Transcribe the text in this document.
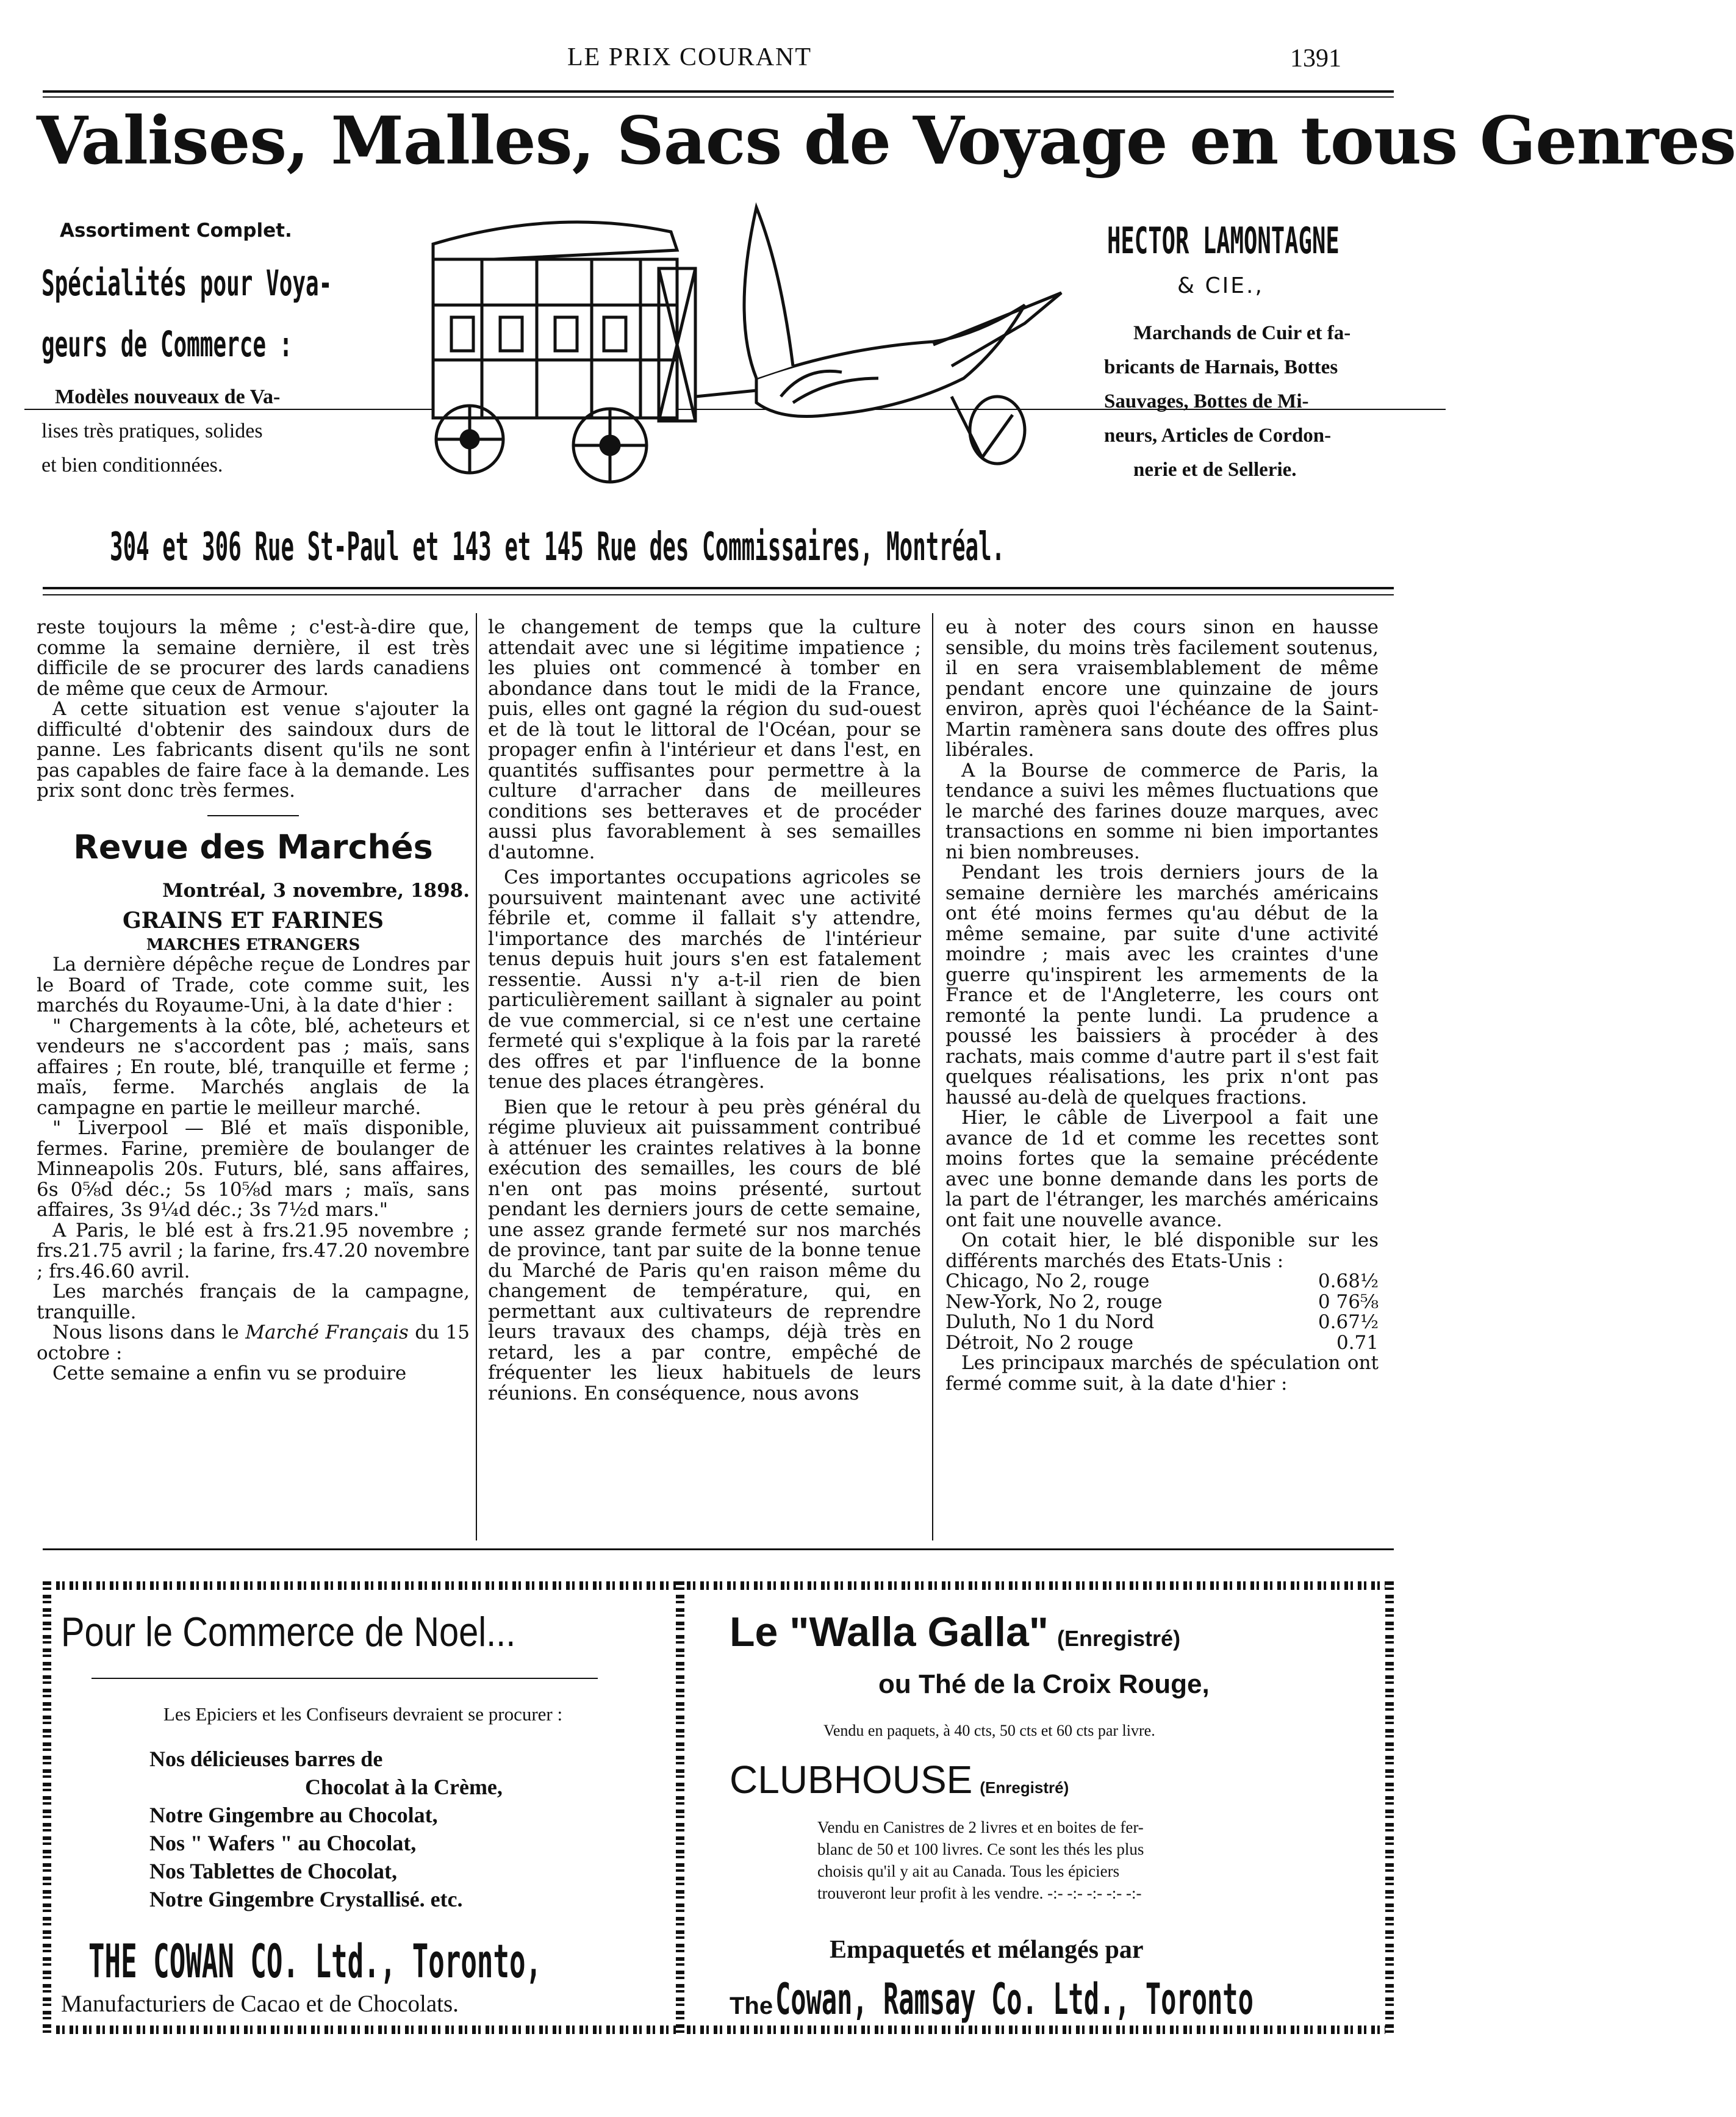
LE PRIX COURANT	1391
Valises, Malles, Sacs de Voyage en tous Genres
Assortiment Complet.
Spécialités pour Voya-
geurs de Commerce :
Modèles nouveaux de Va-
lises très pratiques, solides
et bien conditionnées.
HECTOR LAMONTAGNE
& CIE.,
Marchands de Cuir et fa-
bricants de Harnais, Bottes
Sauvages, Bottes de Mi-
neurs, Articles de Cordon-
nerie et de Sellerie.
304 et 306 Rue St-Paul et 143 et 145 Rue des Commissaires, Montréal.

reste toujours la même ; c'est-à-dire que, comme la semaine dernière, il est très difficile de se procurer des lards canadiens de même que ceux de Armour.

A cette situation est venue s'ajouter la difficulté d'obtenir des saindoux durs de panne. Les fabricants disent qu'ils ne sont pas capables de faire face à la demande. Les prix sont donc très fermes.

Revue des Marchés
Montréal, 3 novembre, 1898.
GRAINS ET FARINES
MARCHES ETRANGERS

La dernière dépêche reçue de Londres par le Board of Trade, cote comme suit, les marchés du Royaume-Uni, à la date d'hier :

" Chargements à la côte, blé, acheteurs et vendeurs ne s'accordent pas ; maïs, sans affaires ; En route, blé, tranquille et ferme ; maïs, ferme. Marchés anglais de la campagne en partie le meilleur marché.

" Liverpool — Blé et maïs disponible, fermes. Farine, première de boulanger de Minneapolis 20s. Futurs, blé, sans affaires, 6s 0⅝d déc.; 5s 10⅝d mars ; maïs, sans affaires, 3s 9¼d déc.; 3s 7½d mars."

A Paris, le blé est à frs.21.95 novembre ; frs.21.75 avril ; la farine, frs.47.20 novembre ; frs.46.60 avril.

Les marchés français de la campagne, tranquille.

Nous lisons dans le Marché Français du 15 octobre :

Cette semaine a enfin vu se produire

le changement de temps que la culture attendait avec une si légitime impatience ; les pluies ont commencé à tomber en abondance dans tout le midi de la France, puis, elles ont gagné la région du sud-ouest et de là tout le littoral de l'Océan, pour se propager enfin à l'intérieur et dans l'est, en quantités suffisantes pour permettre à la culture d'arracher dans de meilleures conditions ses betteraves et de procéder aussi plus favorablement à ses semailles d'automne.

Ces importantes occupations agricoles se poursuivent maintenant avec une activité fébrile et, comme il fallait s'y attendre, l'importance des marchés de l'intérieur tenus depuis huit jours s'en est fatalement ressentie. Aussi n'y a-t-il rien de bien particulièrement saillant à signaler au point de vue commercial, si ce n'est une certaine fermeté qui s'explique à la fois par la rareté des offres et par l'influence de la bonne tenue des places étrangères.

Bien que le retour à peu près général du régime pluvieux ait puissamment contribué à atténuer les craintes relatives à la bonne exécution des semailles, les cours de blé n'en ont pas moins présenté, surtout pendant les derniers jours de cette semaine, une assez grande fermeté sur nos marchés de province, tant par suite de la bonne tenue du Marché de Paris qu'en raison même du changement de température, qui, en permettant aux cultivateurs de reprendre leurs travaux des champs, déjà très en retard, les a par contre, empêché de fréquenter les lieux habituels de leurs réunions. En conséquence, nous avons

eu à noter des cours sinon en hausse sensible, du moins très facilement soutenus, il en sera vraisemblablement de même pendant encore une quinzaine de jours environ, après quoi l'échéance de la Saint-Martin ramènera sans doute des offres plus libérales.

A la Bourse de commerce de Paris, la tendance a suivi les mêmes fluctuations que le marché des farines douze marques, avec transactions en somme ni bien importantes ni bien nombreuses.

Pendant les trois derniers jours de la semaine dernière les marchés américains ont été moins fermes qu'au début de la même semaine, par suite d'une activité moindre ; mais avec les craintes d'une guerre qu'inspirent les armements de la France et de l'Angleterre, les cours ont remonté la pente lundi. La prudence a poussé les baissiers à procéder à des rachats, mais comme d'autre part il s'est fait quelques réalisations, les prix n'ont pas haussé au-delà de quelques fractions.

Hier, le câble de Liverpool a fait une avance de 1d et comme les recettes sont moins fortes que la semaine précédente avec une bonne demande dans les ports de la part de l'étranger, les marchés américains ont fait une nouvelle avance.

On cotait hier, le blé disponible sur les différents marchés des Etats-Unis :

Chicago, No 2, rouge	0.68½
New-York, No 2, rouge	0 76⅝
Duluth, No 1 du Nord	0.67½
Détroit, No 2 rouge	0.71

Les principaux marchés de spéculation ont fermé comme suit, à la date d'hier :

Pour le Commerce de Noel...
Les Epiciers et les Confiseurs devraient se procurer :
Nos délicieuses barres de
Chocolat à la Crème,
Notre Gingembre au Chocolat,
Nos " Wafers " au Chocolat,
Nos Tablettes de Chocolat,
Notre Gingembre Crystallisé. etc.
THE COWAN CO. Ltd., Toronto,
Manufacturiers de Cacao et de Chocolats.
Le "Walla Galla" (Enregistré)
ou Thé de la Croix Rouge,
Vendu en paquets, à 40 cts, 50 cts et 60 cts par livre.
CLUBHOUSE (Enregistré)
Vendu en Canistres de 2 livres et en boites de fer-
blanc de 50 et 100 livres. Ce sont les thés les plus
choisis qu'il y ait au Canada. Tous les épiciers
trouveront leur profit à les vendre. -:- -:- -:- -:- -:-
Empaquetés et mélangés par
The Cowan, Ramsay Co. Ltd., Toronto
